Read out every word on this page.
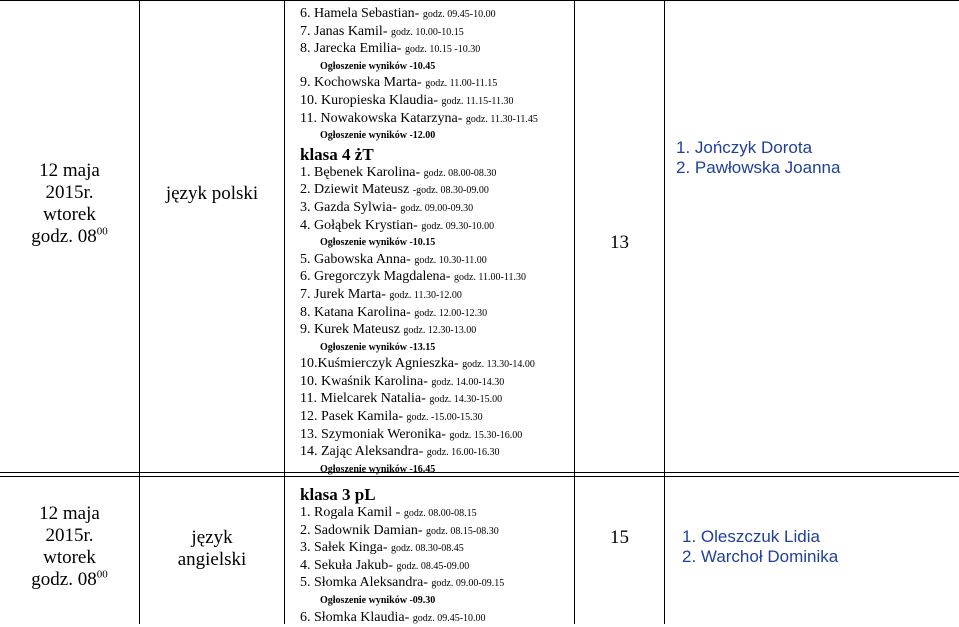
12 maja
2015r.
wtorek
godz. $08^{00}$
język polski
13
1. Jończyk Dorota
2. Pawłowska Joanna
6. Hamela Sebastian- godz. 09.45-10.00
7. Janas Kamil- godz. 10.00-10.15
8. Jarecka Emilia- godz. 10.15 -10.30
Ogłoszenie wyników -10.45
9. Kochowska Marta- godz. 11.00-11.15
10. Kuropieska Klaudia- godz. 11.15-11.30
11. Nowakowska Katarzyna- godz. 11.30-11.45
Ogłoszenie wyników -12.00
klasa 4 żT
1. Bębenek Karolina- godz. 08.00-08.30
2. Dziewit Mateusz -godz. 08.30-09.00
3. Gazda Sylwia- godz. 09.00-09.30
4. Gołąbek Krystian- godz. 09.30-10.00
Ogłoszenie wyników -10.15
5. Gabowska Anna- godz. 10.30-11.00
6. Gregorczyk Magdalena- godz. 11.00-11.30
7. Jurek Marta- godz. 11.30-12.00
8. Katana Karolina- godz. 12.00-12.30
9. Kurek Mateusz godz. 12.30-13.00
Ogłoszenie wyników -13.15
10.Kuśmierczyk Agnieszka- godz. 13.30-14.00
10. Kwaśnik Karolina- godz. 14.00-14.30
11. Mielcarek Natalia- godz. 14.30-15.00
12. Pasek Kamila- godz. -15.00-15.30
13. Szymoniak Weronika- godz. 15.30-16.00
14. Zając Aleksandra- godz. 16.00-16.30
Ogłoszenie wyników -16.45
12 maja
2015r.
wtorek
godz. $08^{00}$
język
angielski
15	1. Oleszczuk Lidia
2. Warchoł Dominika
klasa 3 pL
1. Rogala Kamil - godz. 08.00-08.15
2. Sadownik Damian- godz. 08.15-08.30
3. Sałek Kinga- godz. 08.30-08.45
4. Sekuła Jakub- godz. 08.45-09.00
5. Słomka Aleksandra- godz. 09.00-09.15
Ogłoszenie wyników -09.30
6. Słomka Klaudia- godz. 09.45-10.00
